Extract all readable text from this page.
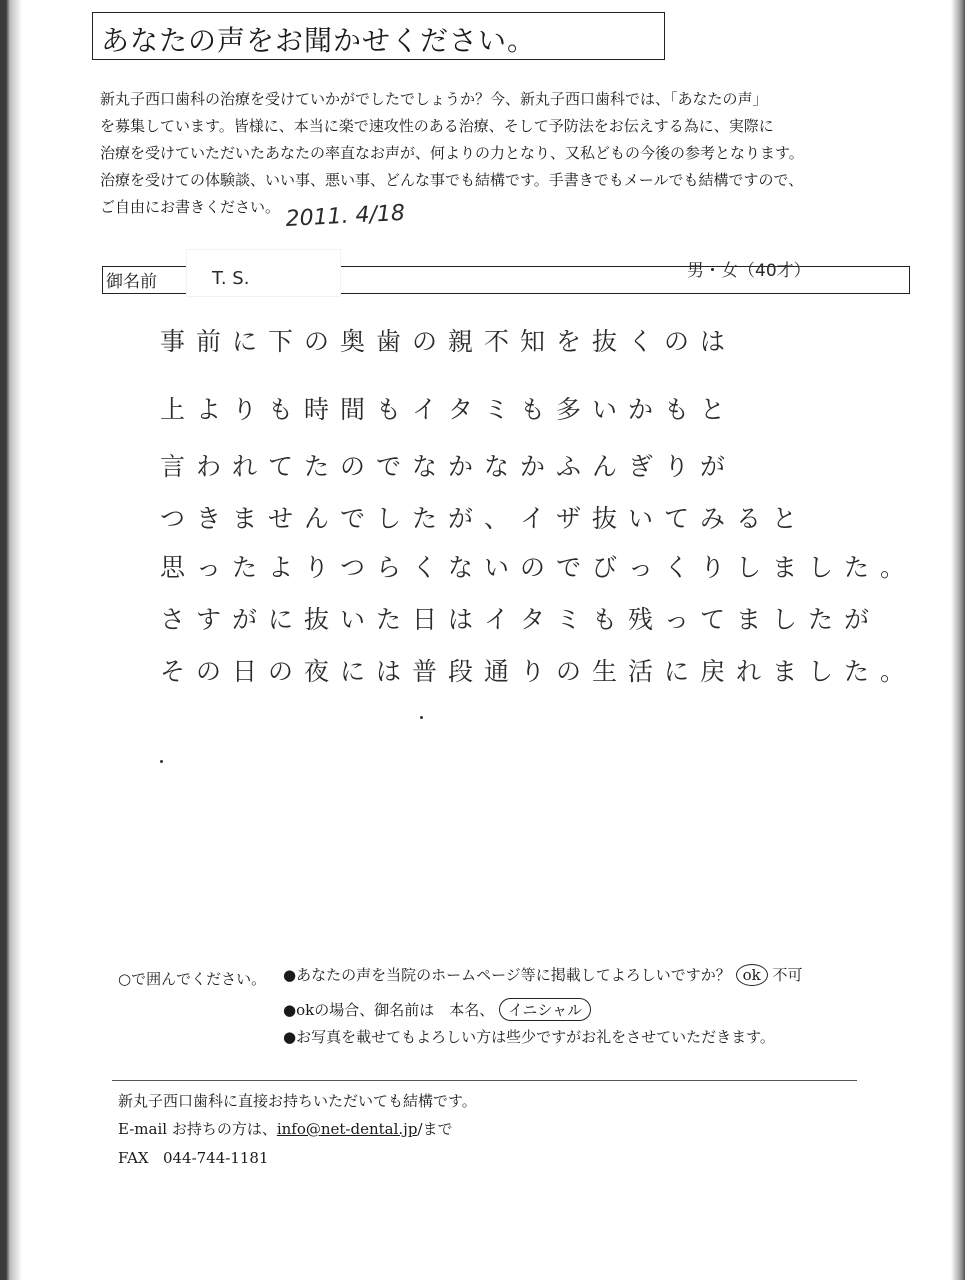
あなたの声をお聞かせください。
新丸子西口歯科の治療を受けていかがでしたでしょうか？今、新丸子西口歯科では、「あなたの声」
を募集しています。皆様に、本当に楽で速攻性のある治療、そして予防法をお伝えする為に、実際に
治療を受けていただいたあなたの率直なお声が、何よりの力となり、又私どもの今後の参考となります。
治療を受けての体験談、いい事、悪い事、どんな事でも結構です。手書きでもメールでも結構ですので、
ご自由にお書きください。 2011. 4/18
御名前	T. S.	男・女（40才）
事前に下の奥歯の親不知を抜くのは
上よりも時間もイタミも多いかもと
言われてたのでなかなかふんぎりが
つきませんでしたが、イザ抜いてみると
思ったよりつらくないのでびっくりしました。
さすがに抜いた日はイタミも残ってましたが
その日の夜には普段通りの生活に戻れました。
○で囲んでください。 ●あなたの声を当院のホームページ等に掲載してよろしいですか？ ok 不可
●okの場合、御名前は　本名、 イニシャル
●お写真を載せてもよろしい方は些少ですがお礼をさせていただきます。
新丸子西口歯科に直接お持ちいただいても結構です。
E-mail お持ちの方は、info@net-dental.jp/まで
FAX 044-744-1181
